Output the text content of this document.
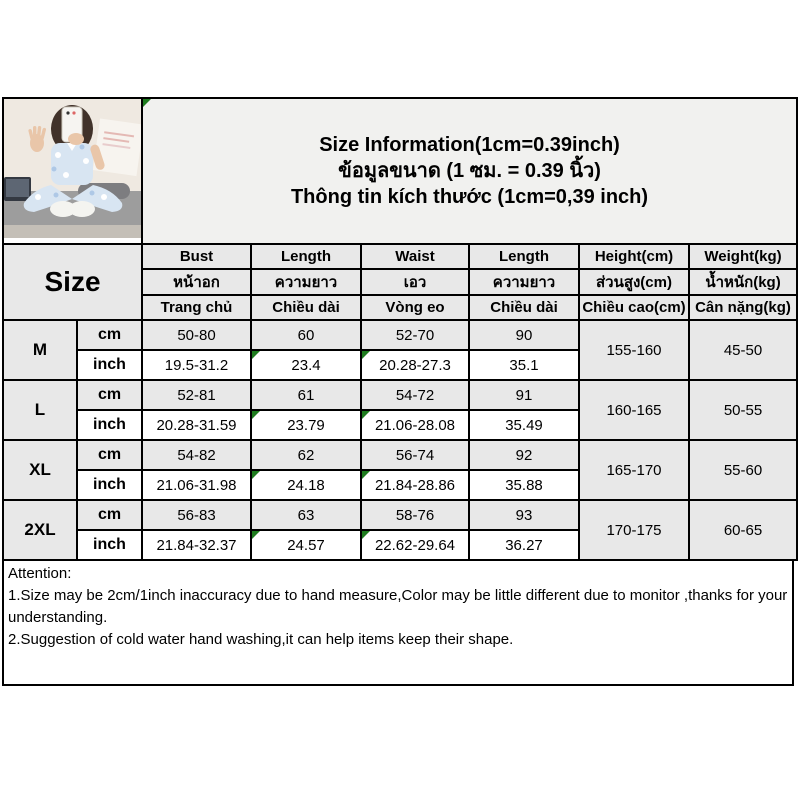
Size Information(1cm=0.39inch)
ข้อมูลขนาด (1 ซม. = 0.39 นิ้ว)
Thông tin kích thước (1cm=0,39 inch)					

Size		Bust	Length	Waist	Length	Height(cm)	Weight(kg)
		หน้าอก	ความยาว	เอว	ความยาว	ส่วนสูง(cm)	น้ำหนัก(kg)
		Trang chủ	Chiều dài	Vòng eo	Chiều dài	Chiều cao(cm)	Cân nặng(kg)
M	cm	50-80	60	52-70	90	155-160	45-50
	inch	19.5-31.2	23.4	20.28-27.3	35.1		
L	cm	52-81	61	54-72	91	160-165	50-55
	inch	20.28-31.59	23.79	21.06-28.08	35.49		
XL	cm	54-82	62	56-74	92	165-170	55-60
	inch	21.06-31.98	24.18	21.84-28.86	35.88		
2XL	cm	56-83	63	58-76	93	170-175	60-65
	inch	21.84-32.37	24.57	22.62-29.64	36.27		

Attention:

1.Size may be 2cm/1inch inaccuracy due to hand measure,Color may be little different due to monitor ,thanks for your understanding.

2.Suggestion of cold water hand washing,it can help items keep their shape.
